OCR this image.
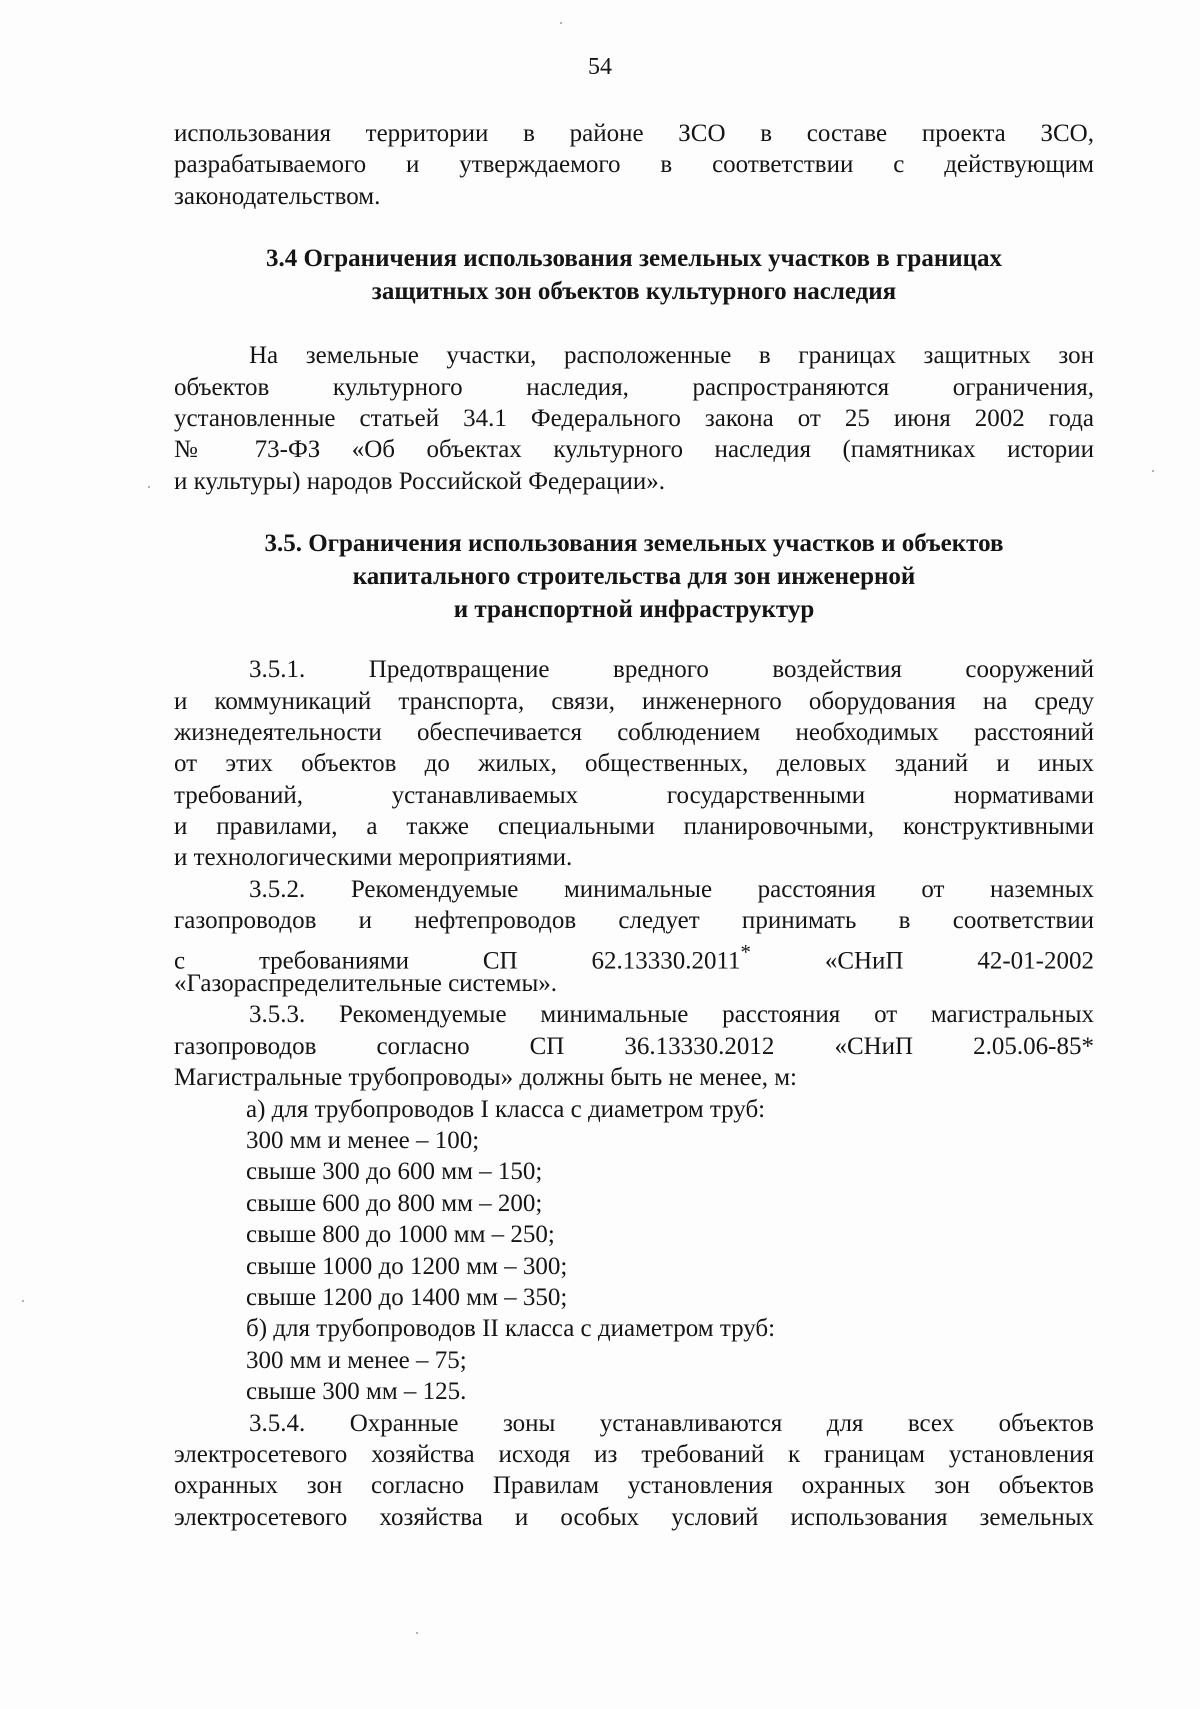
54
использования территории в районе ЗСО в составе проекта ЗСО,
разрабатываемого и утверждаемого в соответствии с действующим
законодательством.
3.4 Ограничения использования земельных участков в границах
защитных зон объектов культурного наследия
На земельные участки, расположенные в границах защитных зон
объектов культурного наследия, распространяются ограничения,
установленные статьей 34.1 Федерального закона от 25 июня 2002 года
№ 73-ФЗ «Об объектах культурного наследия (памятниках истории
и культуры) народов Российской Федерации».
3.5. Ограничения использования земельных участков и объектов
капитального строительства для зон инженерной
и транспортной инфраструктур
3.5.1. Предотвращение вредного воздействия сооружений
и коммуникаций транспорта, связи, инженерного оборудования на среду
жизнедеятельности обеспечивается соблюдением необходимых расстояний
от этих объектов до жилых, общественных, деловых зданий и иных
требований, устанавливаемых государственными нормативами
и правилами, а также специальными планировочными, конструктивными
и технологическими мероприятиями.
3.5.2. Рекомендуемые минимальные расстояния от наземных
газопроводов и нефтепроводов следует принимать в соответствии
с требованиями СП 62.13330.2011*	«СНиП 42-01-2002
«Газораспределительные системы».
3.5.3. Рекомендуемые минимальные расстояния от магистральных
газопроводов согласно СП 36.13330.2012 «СНиП 2.05.06-85*
Магистральные трубопроводы» должны быть не менее, м:
а) для трубопроводов I класса с диаметром труб:
300 мм и менее – 100;
свыше 300 до 600 мм – 150;
свыше 600 до 800 мм – 200;
свыше 800 до 1000 мм – 250;
свыше 1000 до 1200 мм – 300;
свыше 1200 до 1400 мм – 350;
б) для трубопроводов II класса с диаметром труб:
300 мм и менее – 75;
свыше 300 мм – 125.
3.5.4. Охранные зоны устанавливаются для всех объектов
электросетевого хозяйства исходя из требований к границам установления
охранных зон согласно Правилам установления охранных зон объектов
электросетевого хозяйства и особых условий использования земельных
